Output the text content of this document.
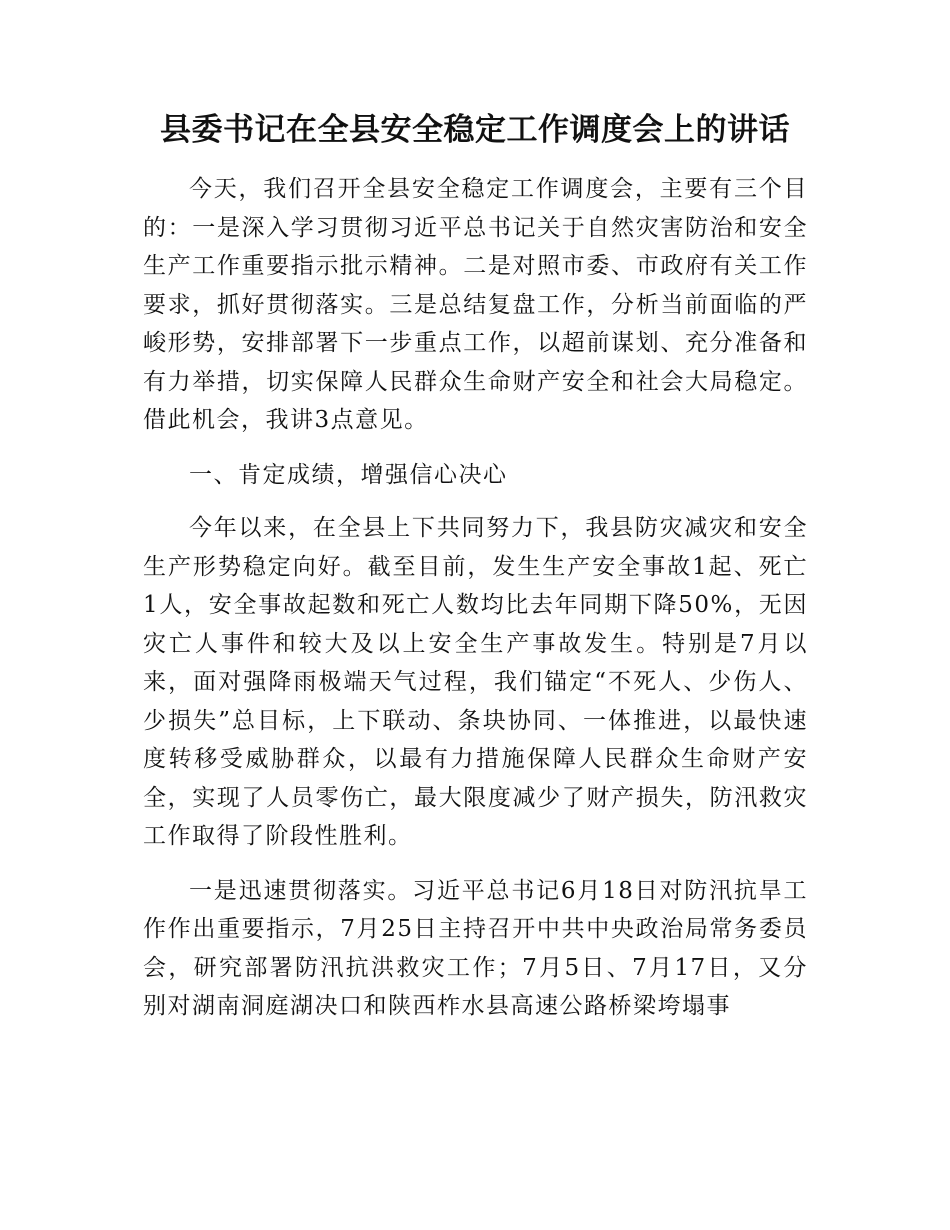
县委书记在全县安全稳定工作调度会上的讲话

今天，我们召开全县安全稳定工作调度会，主要有三个目的：一是深入学习贯彻习近平总书记关于自然灾害防治和安全生产工作重要指示批示精神。二是对照市委、市政府有关工作要求，抓好贯彻落实。三是总结复盘工作，分析当前面临的严峻形势，安排部署下一步重点工作，以超前谋划、充分准备和有力举措，切实保障人民群众生命财产安全和社会大局稳定。借此机会，我讲3点意见。

一、肯定成绩，增强信心决心

今年以来，在全县上下共同努力下，我县防灾减灾和安全生产形势稳定向好。截至目前，发生生产安全事故1起、死亡1人，安全事故起数和死亡人数均比去年同期下降50%，无因灾亡人事件和较大及以上安全生产事故发生。特别是7月以来，面对强降雨极端天气过程，我们锚定“不死人、少伤人、少损失”总目标，上下联动、条块协同、一体推进，以最快速度转移受威胁群众，以最有力措施保障人民群众生命财产安全，实现了人员零伤亡，最大限度减少了财产损失，防汛救灾工作取得了阶段性胜利。

一是迅速贯彻落实。习近平总书记6月18日对防汛抗旱工作作出重要指示，7月25日主持召开中共中央政治局常务委员会，研究部署防汛抗洪救灾工作；7月5日、7月17日，又分别对湖南洞庭湖决口和陕西柞水县高速公路桥梁垮塌事
